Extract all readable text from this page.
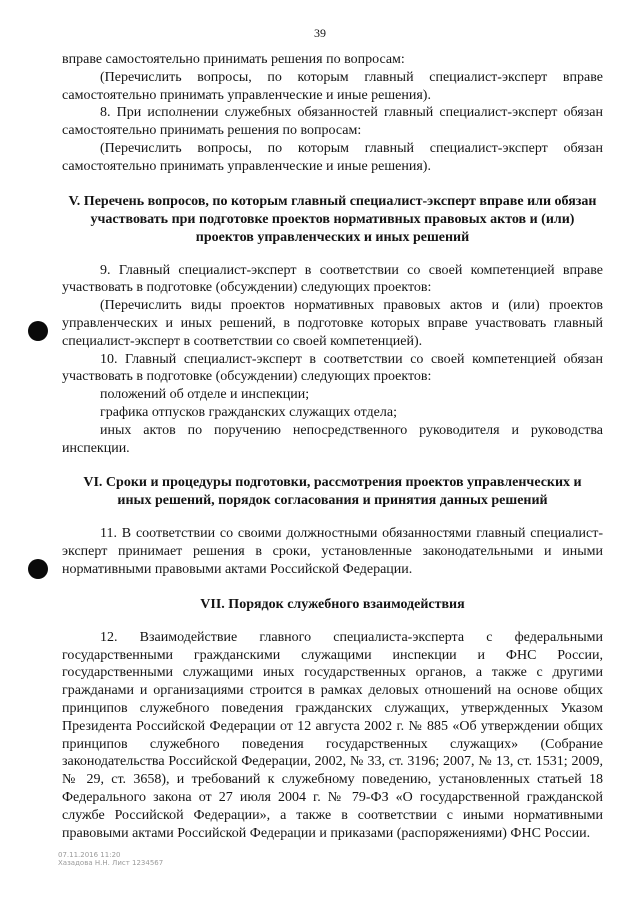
39

вправе самостоятельно принимать решения по вопросам:

(Перечислить вопросы, по которым главный специалист-эксперт вправе самостоятельно принимать управленческие и иные решения).

8. При исполнении служебных обязанностей главный специалист-эксперт обязан самостоятельно принимать решения по вопросам:

(Перечислить вопросы, по которым главный специалист-эксперт обязан самостоятельно принимать управленческие и иные решения).

V. Перечень вопросов, по которым главный специалист-эксперт вправе или обязан участвовать при подготовке проектов нормативных правовых актов и (или) проектов управленческих и иных решений

9. Главный специалист-эксперт в соответствии со своей компетенцией вправе участвовать в подготовке (обсуждении) следующих проектов:

(Перечислить виды проектов нормативных правовых актов и (или) проектов управленческих и иных решений, в подготовке которых вправе участвовать главный специалист-эксперт в соответствии со своей компетенцией).

10. Главный специалист-эксперт в соответствии со своей компетенцией обязан участвовать в подготовке (обсуждении) следующих проектов:

положений об отделе и инспекции;

графика отпусков гражданских служащих отдела;

иных актов по поручению непосредственного руководителя и руководства инспекции.

VI. Сроки и процедуры подготовки, рассмотрения проектов управленческих и иных решений, порядок согласования и принятия данных решений

11. В соответствии со своими должностными обязанностями главный специалист-эксперт принимает решения в сроки, установленные законодательными и иными нормативными правовыми актами Российской Федерации.

VII. Порядок служебного взаимодействия

12. Взаимодействие главного специалиста-эксперта с федеральными государственными гражданскими служащими инспекции и ФНС России, государственными служащими иных государственных органов, а также с другими гражданами и организациями строится в рамках деловых отношений на основе общих принципов служебного поведения гражданских служащих, утвержденных Указом Президента Российской Федерации от 12 августа 2002 г. № 885 «Об утверждении общих принципов служебного поведения государственных служащих» (Собрание законодательства Российской Федерации, 2002, № 33, ст. 3196; 2007, № 13, ст. 1531; 2009, № 29, ст. 3658), и требований к служебному поведению, установленных статьей 18 Федерального закона от 27 июля 2004 г. № 79-ФЗ «О государственной гражданской службе Российской Федерации», а также в соответствии с иными нормативными правовыми актами Российской Федерации и приказами (распоряжениями) ФНС России.

07.11.2016 11:20
Хазадова Н.Н. Лист 1234567
